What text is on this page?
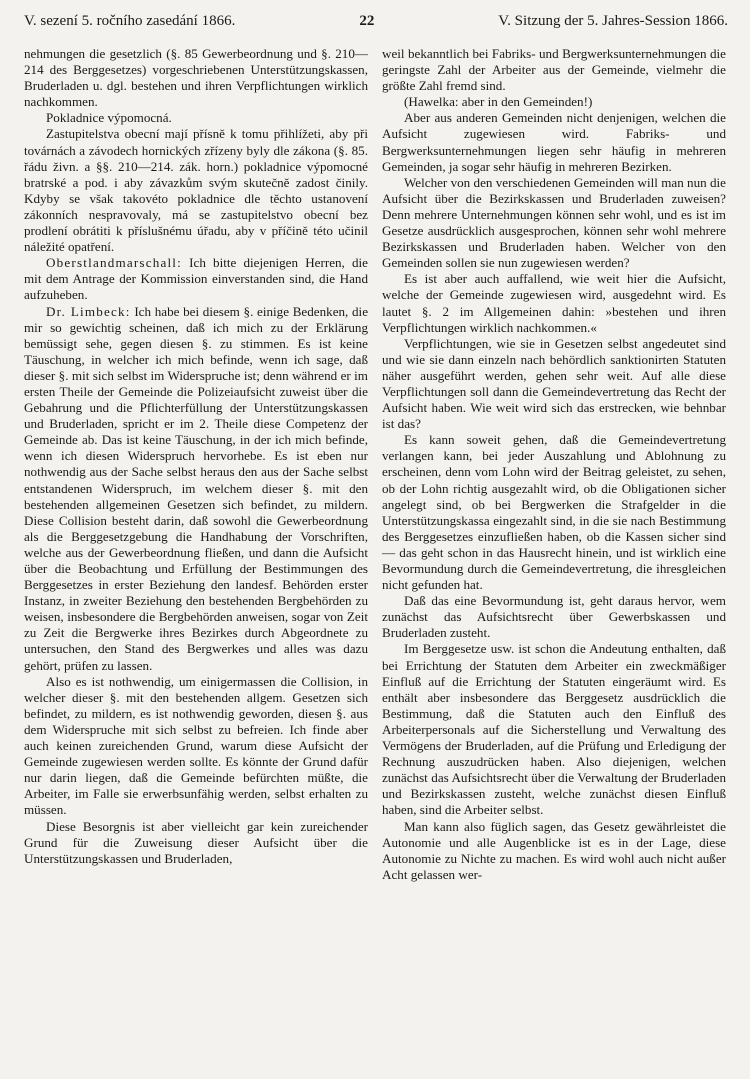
V. sezení 5. ročního zasedání 1866.	22	V. Sitzung der 5. Jahres-Session 1866.

nehmungen die gesetzlich (§. 85 Gewerbeordnung und §. 210—214 des Berggesetzes) vorgeschriebenen Unterstützungskassen, Bruderladen u. dgl. bestehen und ihren Verpflichtungen wirklich nachkommen.

Pokladnice výpomocná.

Zastupitelstva obecní mají přísně k tomu přihlížeti, aby při továrnách a závodech hornických zřízeny byly dle zákona (§. 85. řádu živn. a §§. 210—214. zák. horn.) pokladnice výpomocné bratrské a pod. i aby závazkům svým skutečně zadost činily. Kdyby se však takovéto pokladnice dle těchto ustanovení zákonních nespravovaly, má se zastupitelstvo obecní bez prodlení obrátiti k příslušnému úřadu, aby v příčině této učinil náležité opatření.

Oberstlandmarschall: Ich bitte diejenigen Herren, die mit dem Antrage der Kommission einverstanden sind, die Hand aufzuheben.

Dr. Limbeck: Ich habe bei diesem §. einige Bedenken, die mir so gewichtig scheinen, daß ich mich zu der Erklärung bemüssigt sehe, gegen diesen §. zu stimmen. Es ist keine Täuschung, in welcher ich mich befinde, wenn ich sage, daß dieser §. mit sich selbst im Widerspruche ist; denn während er im ersten Theile der Gemeinde die Polizeiaufsicht zuweist über die Gebahrung und die Pflichterfüllung der Unterstützungskassen und Bruderladen, spricht er im 2. Theile diese Competenz der Gemeinde ab. Das ist keine Täuschung, in der ich mich befinde, wenn ich diesen Widerspruch hervorhebe. Es ist eben nur nothwendig aus der Sache selbst heraus den aus der Sache selbst entstandenen Widerspruch, im welchem dieser §. mit den bestehenden allgemeinen Gesetzen sich befindet, zu mildern. Diese Collision besteht darin, daß sowohl die Gewerbeordnung als die Berggesetzgebung die Handhabung der Vorschriften, welche aus der Gewerbeordnung fließen, und dann die Aufsicht über die Beobachtung und Erfüllung der Bestimmungen des Berggesetzes in erster Beziehung den landesf. Behörden erster Instanz, in zweiter Beziehung den bestehenden Bergbehörden zu weisen, insbesondere die Bergbehörden anweisen, sogar von Zeit zu Zeit die Bergwerke ihres Bezirkes durch Abgeordnete zu untersuchen, den Stand des Bergwerkes und alles was dazu gehört, prüfen zu lassen.

Also es ist nothwendig, um einigermassen die Collision, in welcher dieser §. mit den bestehenden allgem. Gesetzen sich befindet, zu mildern, es ist nothwendig geworden, diesen §. aus dem Widerspruche mit sich selbst zu befreien. Ich finde aber auch keinen zureichenden Grund, warum diese Aufsicht der Gemeinde zugewiesen werden sollte. Es könnte der Grund dafür nur darin liegen, daß die Gemeinde befürchten müßte, die Arbeiter, im Falle sie erwerbsunfähig werden, selbst erhalten zu müssen.

Diese Besorgnis ist aber vielleicht gar kein zureichender Grund für die Zuweisung dieser Aufsicht über die Unterstützungskassen und Bruderladen,

weil bekanntlich bei Fabriks- und Bergwerksunternehmungen die geringste Zahl der Arbeiter aus der Gemeinde, vielmehr die größte Zahl fremd sind.

(Hawelka: aber in den Gemeinden!)

Aber aus anderen Gemeinden nicht denjenigen, welchen die Aufsicht zugewiesen wird. Fabriks- und Bergwerksunternehmungen liegen sehr häufig in mehreren Gemeinden, ja sogar sehr häufig in mehreren Bezirken.

Welcher von den verschiedenen Gemeinden will man nun die Aufsicht über die Bezirkskassen und Bruderladen zuweisen? Denn mehrere Unternehmungen können sehr wohl, und es ist im Gesetze ausdrücklich ausgesprochen, können sehr wohl mehrere Bezirkskassen und Bruderladen haben. Welcher von den Gemeinden sollen sie nun zugewiesen werden?

Es ist aber auch auffallend, wie weit hier die Aufsicht, welche der Gemeinde zugewiesen wird, ausgedehnt wird. Es lautet §. 2 im Allgemeinen dahin: »bestehen und ihren Verpflichtungen wirklich nachkommen.«

Verpflichtungen, wie sie in Gesetzen selbst angedeutet sind und wie sie dann einzeln nach behördlich sanktionirten Statuten näher ausgeführt werden, gehen sehr weit. Auf alle diese Verpflichtungen soll dann die Gemeindevertretung das Recht der Aufsicht haben. Wie weit wird sich das erstrecken, wie behnbar ist das?

Es kann soweit gehen, daß die Gemeindevertretung verlangen kann, bei jeder Auszahlung und Ablohnung zu erscheinen, denn vom Lohn wird der Beitrag geleistet, zu sehen, ob der Lohn richtig ausgezahlt wird, ob die Obligationen sicher angelegt sind, ob bei Bergwerken die Strafgelder in die Unterstützungskassa eingezahlt sind, in die sie nach Bestimmung des Berggesetzes einzufließen haben, ob die Kassen sicher sind — das geht schon in das Hausrecht hinein, und ist wirklich eine Bevormundung durch die Gemeindevertretung, die ihresgleichen nicht gefunden hat.

Daß das eine Bevormundung ist, geht daraus hervor, wem zunächst das Aufsichtsrecht über Gewerbskassen und Bruderladen zusteht.

Im Berggesetze usw. ist schon die Andeutung enthalten, daß bei Errichtung der Statuten dem Arbeiter ein zweckmäßiger Einfluß auf die Errichtung der Statuten eingeräumt wird. Es enthält aber insbesondere das Berggesetz ausdrücklich die Bestimmung, daß die Statuten auch den Einfluß des Arbeiterpersonals auf die Sicherstellung und Verwaltung des Vermögens der Bruderladen, auf die Prüfung und Erledigung der Rechnung auszudrücken haben. Also diejenigen, welchen zunächst das Aufsichtsrecht über die Verwaltung der Bruderladen und Bezirkskassen zusteht, welche zunächst diesen Einfluß haben, sind die Arbeiter selbst.

Man kann also füglich sagen, das Gesetz gewährleistet die Autonomie und alle Augenblicke ist es in der Lage, diese Autonomie zu Nichte zu machen. Es wird wohl auch nicht außer Acht gelassen wer-
